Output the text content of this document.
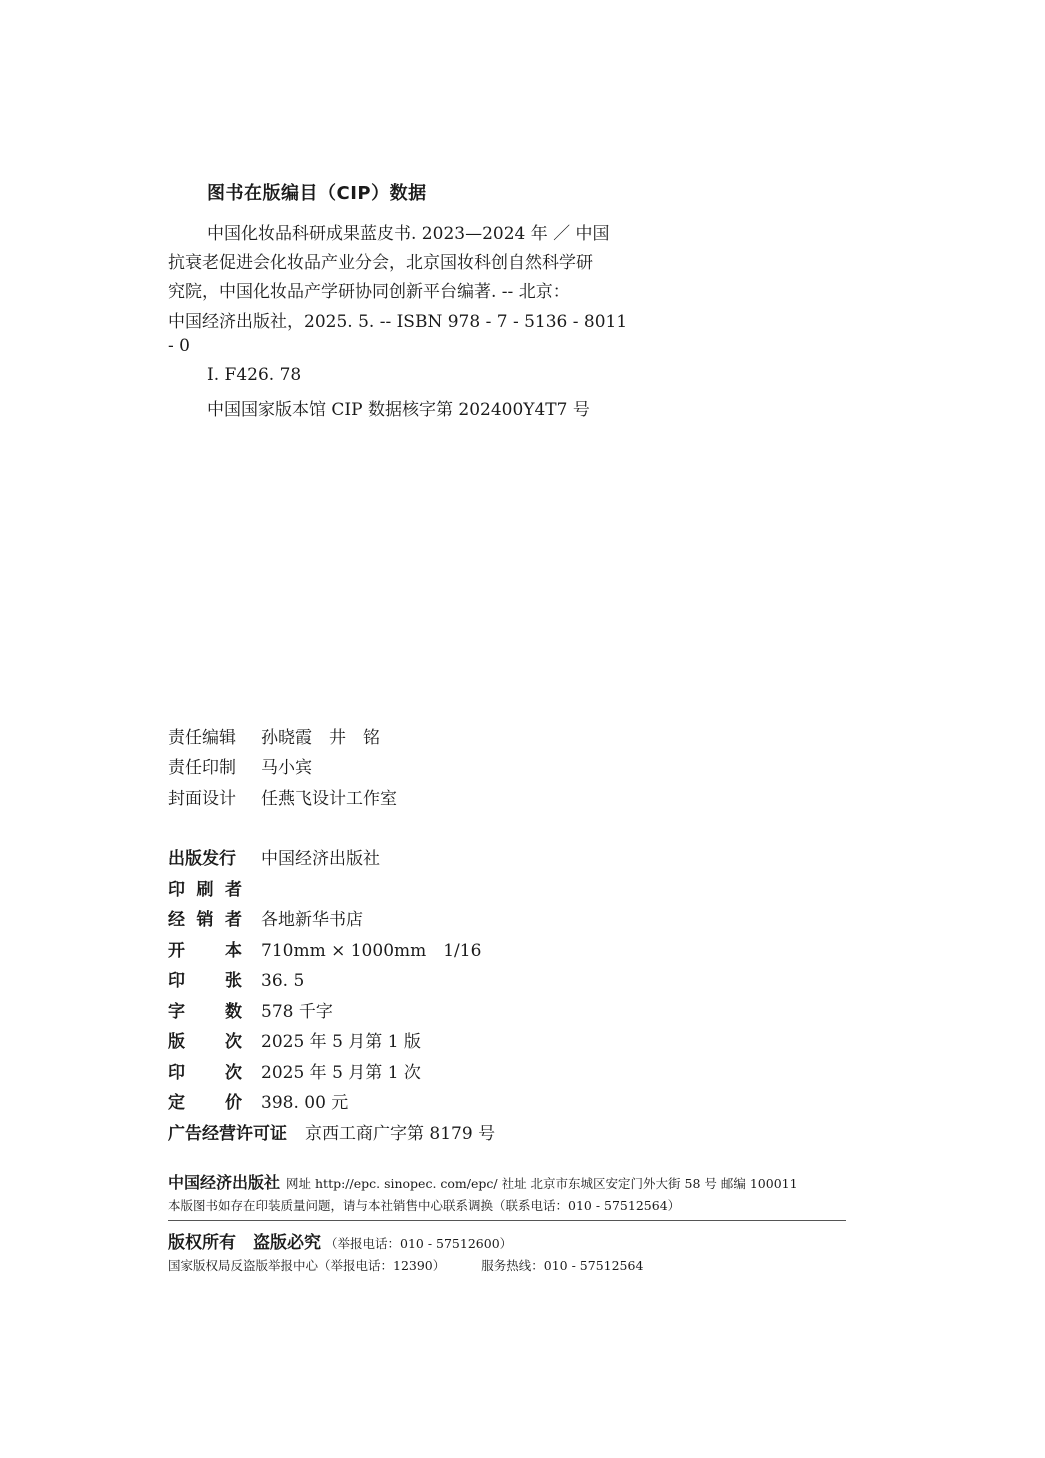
图书在版编目（CIP）数据
中国化妆品科研成果蓝皮书. 2023—2024 年 ／ 中国
抗衰老促进会化妆品产业分会，北京国妆科创自然科学研
究院，中国化妆品产学研协同创新平台编著. -- 北京：
中国经济出版社，2025. 5. -- ISBN 978 - 7 - 5136 - 8011
- 0
Ⅰ. F426. 78
中国国家版本馆 CIP 数据核字第 202400Y4T7 号
责任编辑 孙晓霞　井　铭
责任印制 马小宾
封面设计 任燕飞设计工作室
出版发行 中国经济出版社
印 刷 者
经 销 者 各地新华书店
开 本 710mm × 1000mm　1/16
印 张 36. 5
字 数 578 千字
版 次 2025 年 5 月第 1 版
印 次 2025 年 5 月第 1 次
定 价 398. 00 元
广告经营许可证 京西工商广字第 8179 号
中国经济出版社 网址 http://epc. sinopec. com/epc/ 社址 北京市东城区安定门外大街 58 号 邮编 100011
本版图书如存在印装质量问题，请与本社销售中心联系调换（联系电话：010 - 57512564）
版权所有　盗版必究 （举报电话：010 - 57512600）
国家版权局反盗版举报中心（举报电话：12390）	服务热线：010 - 57512564
